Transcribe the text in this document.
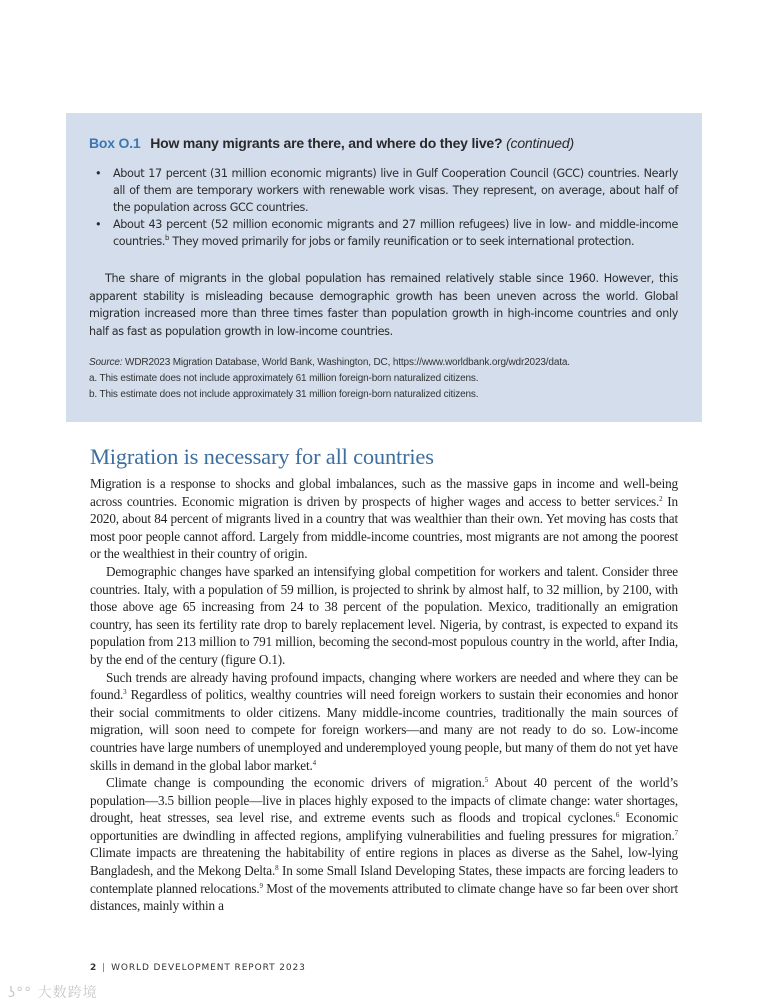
Box O.1 How many migrants are there, and where do they live? (continued)
• About 17 percent (31 million economic migrants) live in Gulf Cooperation Council (GCC) countries. Nearly all of them are temporary workers with renewable work visas. They represent, on average, about half of the population across GCC countries.
• About 43 percent (52 million economic migrants and 27 million refugees) live in low- and middle-income countries.$^b$ They moved primarily for jobs or family reunification or to seek international protection.

The share of migrants in the global population has remained relatively stable since 1960. However, this apparent stability is misleading because demographic growth has been uneven across the world. Global migration increased more than three times faster than population growth in high-income countries and only half as fast as population growth in low-income countries.

Source: WDR2023 Migration Database, World Bank, Washington, DC, https://www.worldbank.org/wdr2023/data.
a. This estimate does not include approximately 61 million foreign-born naturalized citizens.
b. This estimate does not include approximately 31 million foreign-born naturalized citizens.
Migration is necessary for all countries

Migration is a response to shocks and global imbalances, such as the massive gaps in income and well-being across countries. Economic migration is driven by prospects of higher wages and access to better services.$^2$ In 2020, about 84 percent of migrants lived in a country that was wealthier than their own. Yet moving has costs that most poor people cannot afford. Largely from middle-income countries, most migrants are not among the poorest or the wealthiest in their country of origin.

Demographic changes have sparked an intensifying global competition for workers and talent. Consider three countries. Italy, with a population of 59 million, is projected to shrink by almost half, to 32 million, by 2100, with those above age 65 increasing from 24 to 38 percent of the population. Mexico, traditionally an emigration country, has seen its fertility rate drop to barely replacement level. Nigeria, by contrast, is expected to expand its population from 213 million to 791 million, becoming the second-most populous country in the world, after India, by the end of the century (figure O.1).

Such trends are already having profound impacts, changing where workers are needed and where they can be found.$^3$ Regardless of politics, wealthy countries will need foreign workers to sustain their economies and honor their social commitments to older citizens. Many middle-income countries, traditionally the main sources of migration, will soon need to compete for foreign workers—and many are not ready to do so. Low-income countries have large numbers of unemployed and underemployed young people, but many of them do not yet have skills in demand in the global labor market.$^4$

Climate change is compounding the economic drivers of migration.$^5$ About 40 percent of the world’s population—3.5 billion people—live in places highly exposed to the impacts of climate change: water shortages, drought, heat stresses, sea level rise, and extreme events such as floods and tropical cyclones.$^6$ Economic opportunities are dwindling in affected regions, amplifying vulnerabilities and fueling pressures for migration.$^7$ Climate impacts are threatening the habitability of entire regions in places as diverse as the Sahel, low-lying Bangladesh, and the Mekong Delta.$^8$ In some Small Island Developing States, these impacts are forcing leaders to contemplate planned relocations.$^9$ Most of the movements attributed to climate change have so far been over short distances, mainly within a

2 | WORLD DEVELOPMENT REPORT 2023
ʖ°° 大数跨境
